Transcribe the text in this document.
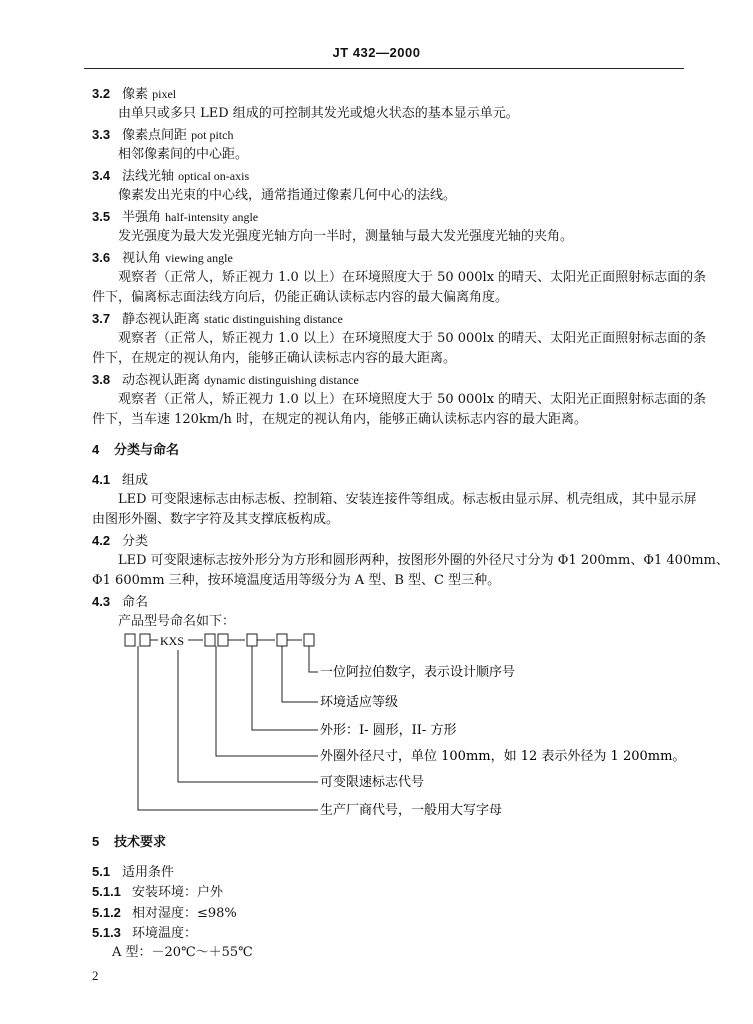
JT 432—2000
3.2 像素 pixel
由单只或多只 LED 组成的可控制其发光或熄火状态的基本显示单元。
3.3 像素点间距 pot pitch
相邻像素间的中心距。
3.4 法线光轴 optical on-axis
像素发出光束的中心线，通常指通过像素几何中心的法线。
3.5 半强角 half-intensity angle
发光强度为最大发光强度光轴方向一半时，测量轴与最大发光强度光轴的夹角。
3.6 视认角 viewing angle
观察者（正常人，矫正视力 1.0 以上）在环境照度大于 50 000lx 的晴天、太阳光正面照射标志面的条
件下，偏离标志面法线方向后，仍能正确认读标志内容的最大偏离角度。
3.7 静态视认距离 static distinguishing distance
观察者（正常人，矫正视力 1.0 以上）在环境照度大于 50 000lx 的晴天、太阳光正面照射标志面的条
件下，在规定的视认角内，能够正确认读标志内容的最大距离。
3.8 动态视认距离 dynamic distinguishing distance
观察者（正常人，矫正视力 1.0 以上）在环境照度大于 50 000lx 的晴天、太阳光正面照射标志面的条
件下，当车速 120km/h 时，在规定的视认角内，能够正确认读标志内容的最大距离。
4 分类与命名
4.1 组成
LED 可变限速标志由标志板、控制箱、安装连接件等组成。标志板由显示屏、机壳组成，其中显示屏
由图形外圈、数字字符及其支撑底板构成。
4.2 分类
LED 可变限速标志按外形分为方形和圆形两种，按图形外圈的外径尺寸分为 Φ1 200mm、Φ1 400mm、
Φ1 600mm 三种，按环境温度适用等级分为 A 型、B 型、C 型三种。
4.3 命名
产品型号命名如下：
KXS
一位阿拉伯数字，表示设计顺序号
环境适应等级
外形：I- 圆形，II- 方形
外圈外径尺寸，单位 100mm，如 12 表示外径为 1 200mm。
可变限速标志代号
生产厂商代号，一般用大写字母
5 技术要求
5.1 适用条件
5.1.1 安装环境：户外
5.1.2 相对湿度：≤98%
5.1.3 环境温度：
A 型：－20℃～＋55℃
2
